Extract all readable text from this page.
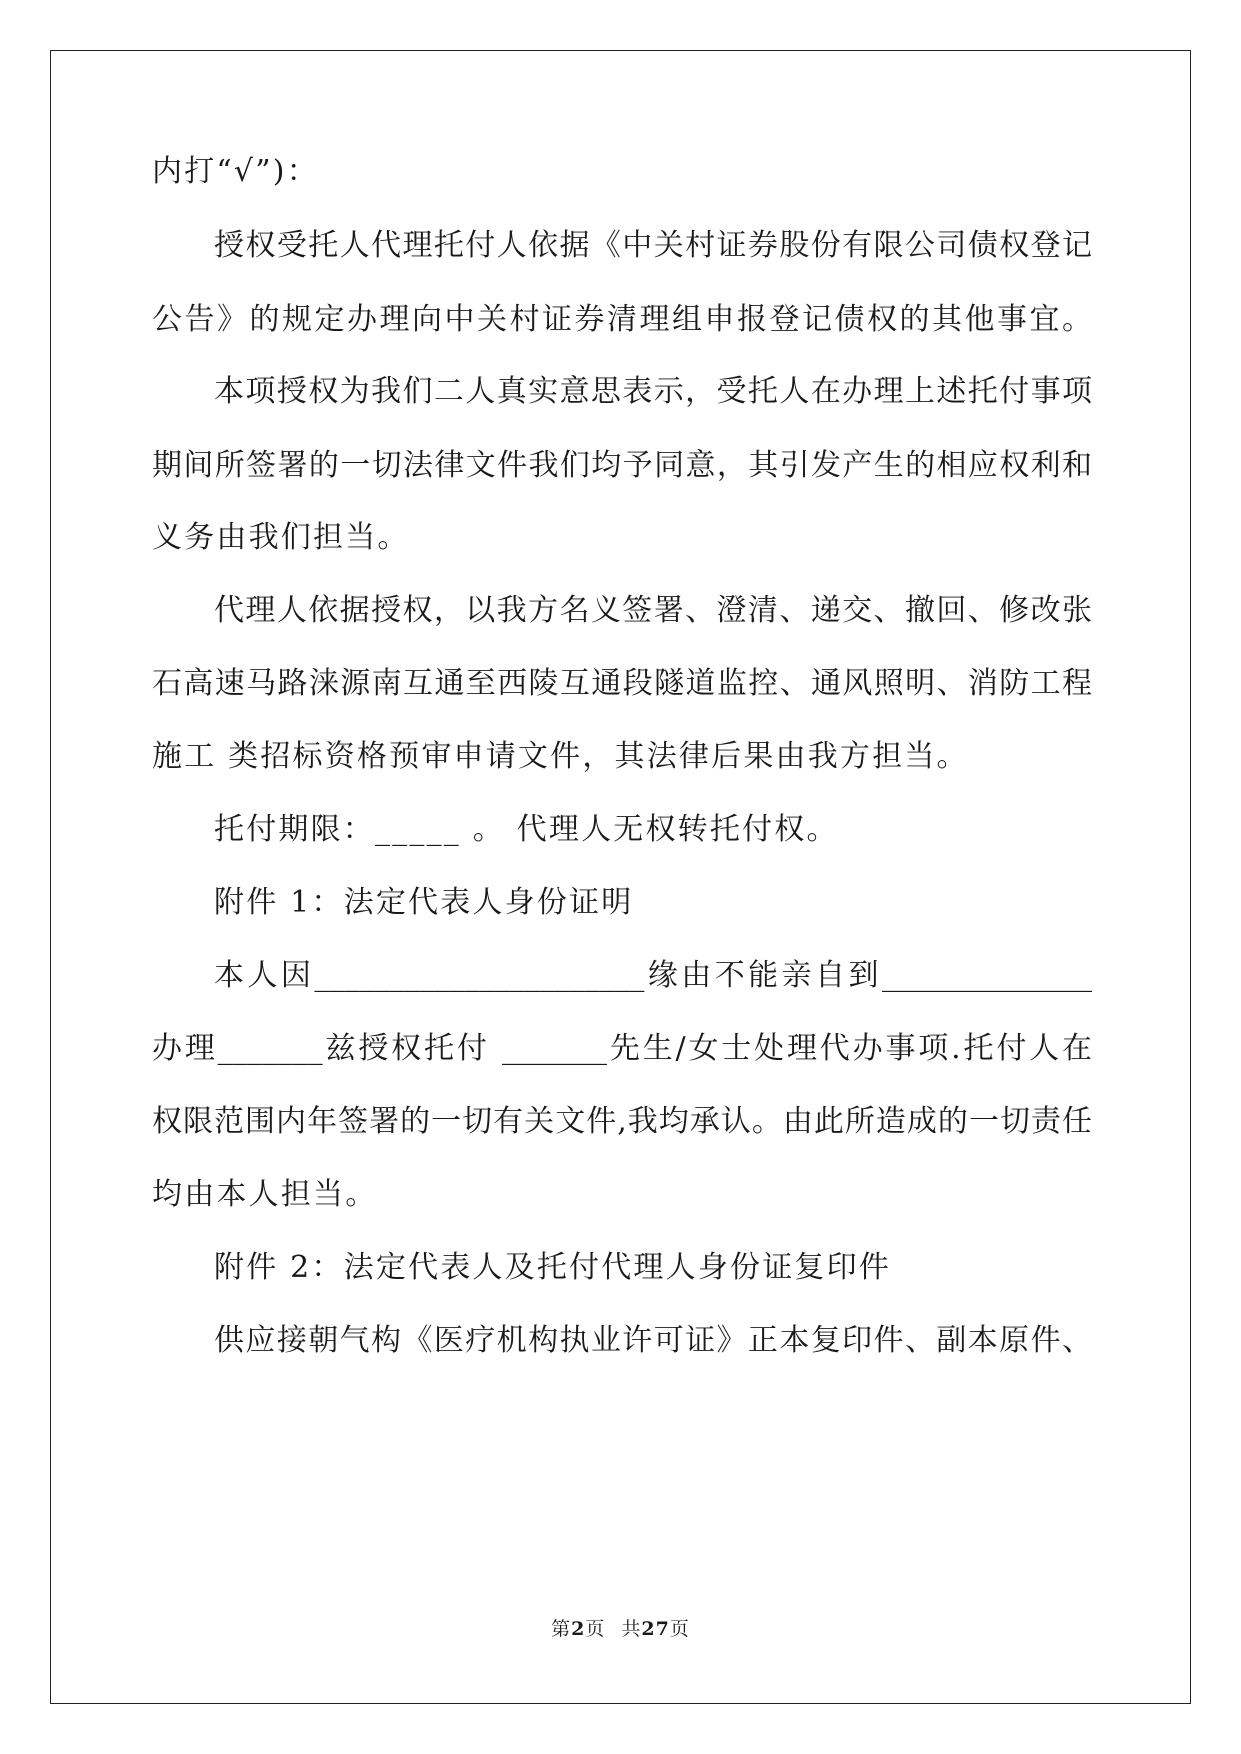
内打“√”)：
授权受托人代理托付人依据《中关村证券股份有限公司债权登记
公告》的规定办理向中关村证券清理组申报登记债权的其他事宜。
本项授权为我们二人真实意思表示，受托人在办理上述托付事项
期间所签署的一切法律文件我们均予同意，其引发产生的相应权利和
义务由我们担当。
代理人依据授权，以我方名义签署、澄清、递交、撤回、修改张
石高速马路涞源南互通至西陵互通段隧道监控、通风照明、消防工程
施工 类招标资格预审申请文件，其法律后果由我方担当。
托付期限：_____ 。 代理人无权转托付权。
附件 1：法定代表人身份证明
本人因______________________缘由不能亲自到______________
办理_______兹授权托付 _______先生/女士处理代办事项.托付人在
权限范围内年签署的一切有关文件,我均承认。由此所造成的一切责任
均由本人担当。
附件 2：法定代表人及托付代理人身份证复印件
供应接朝气构《医疗机构执业许可证》正本复印件、副本原件、
第2页 共27页
